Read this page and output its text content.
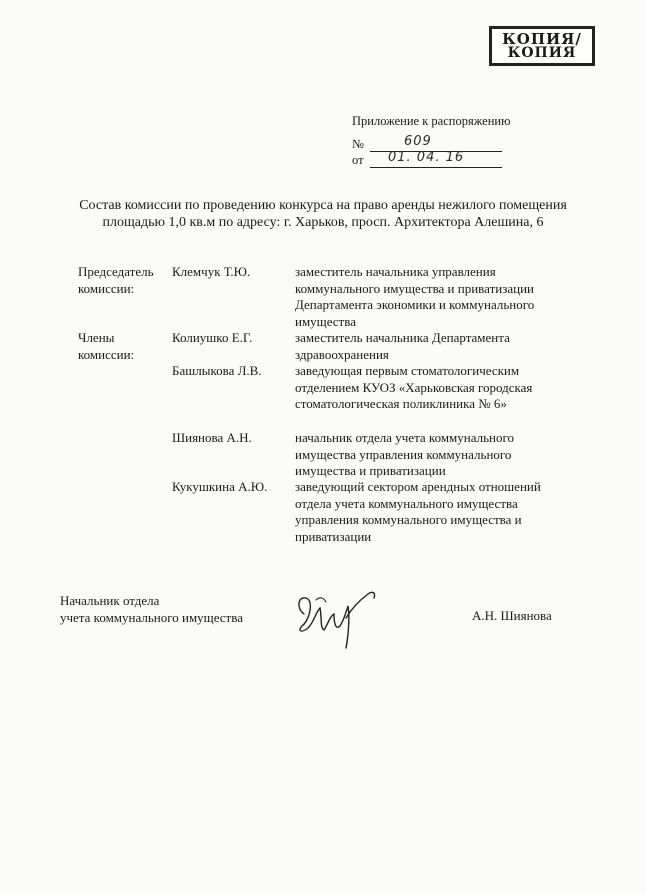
КОПИЯ/
КОПИЯ
Приложение к распоряжению
№	609
от 01. 04. 16
Состав комиссии по проведению конкурса на право аренды нежилого помещения
площадью 1,0 кв.м по адресу: г. Харьков, просп. Архитектора Алешина, 6
Председатель комиссии:
Клемчук Т.Ю.	заместитель начальника управления коммунального имущества и приватизации Департамента экономики и коммунального имущества
Члены комиссии:
Колиушко Е.Г.	заместитель начальника Департамента здравоохранения
Башлыкова Л.В.	заведующая первым стоматологическим отделением КУОЗ «Харьковская городская стоматологическая поликлиника № 6»
Шиянова А.Н.	начальник отдела учета коммунального имущества управления коммунального имущества и приватизации
Кукушкина А.Ю.	заведующий сектором арендных отношений отдела учета коммунального имущества управления коммунального имущества и приватизации
Начальник отдела
учета коммунального имущества	А.Н. Шиянова
